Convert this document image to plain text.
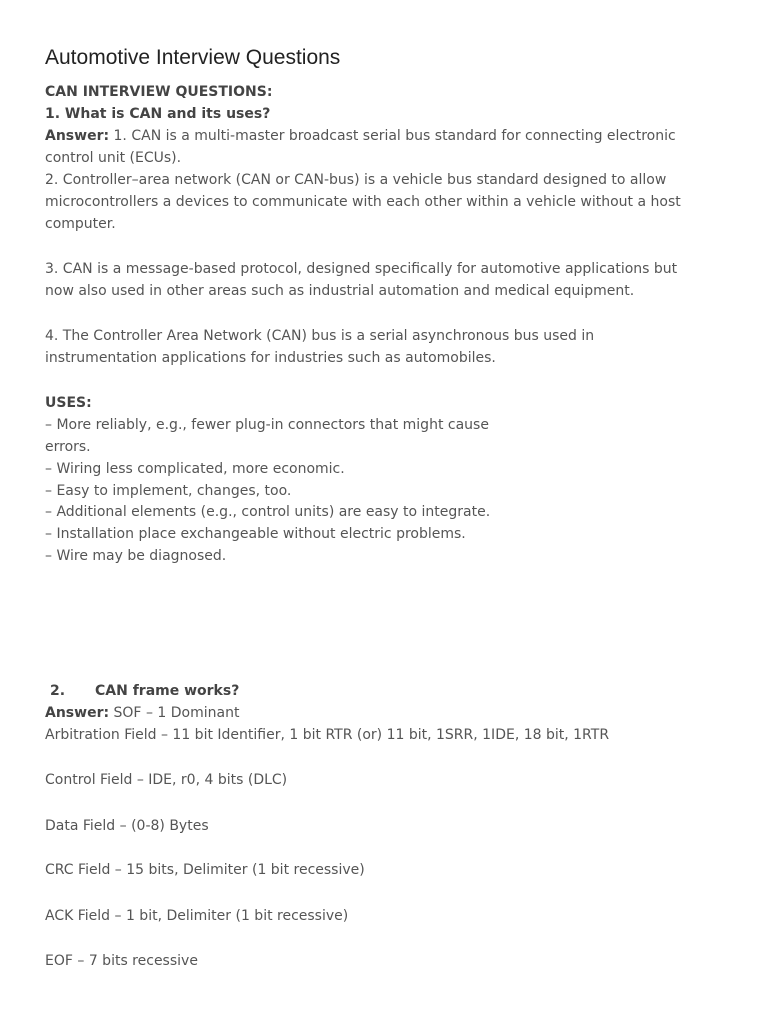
Automotive Interview Questions
CAN INTERVIEW QUESTIONS:
1. What is CAN and its uses?
Answer: 1. CAN is a multi-master broadcast serial bus standard for connecting electronic
control unit (ECUs).
2. Controller–area network (CAN or CAN-bus) is a vehicle bus standard designed to allow
microcontrollers a devices to communicate with each other within a vehicle without a host
computer.
3. CAN is a message-based protocol, designed specifically for automotive applications but
now also used in other areas such as industrial automation and medical equipment.
4. The Controller Area Network (CAN) bus is a serial asynchronous bus used in
instrumentation applications for industries such as automobiles.
USES:
– More reliably, e.g., fewer plug-in connectors that might cause
errors.
– Wiring less complicated, more economic.
– Easy to implement, changes, too.
– Additional elements (e.g., control units) are easy to integrate.
– Installation place exchangeable without electric problems.
– Wire may be diagnosed.
2. CAN frame works?
Answer: SOF – 1 Dominant
Arbitration Field – 11 bit Identifier, 1 bit RTR (or) 11 bit, 1SRR, 1IDE, 18 bit, 1RTR
Control Field – IDE, r0, 4 bits (DLC)
Data Field – (0-8) Bytes
CRC Field – 15 bits, Delimiter (1 bit recessive)
ACK Field – 1 bit, Delimiter (1 bit recessive)
EOF – 7 bits recessive
